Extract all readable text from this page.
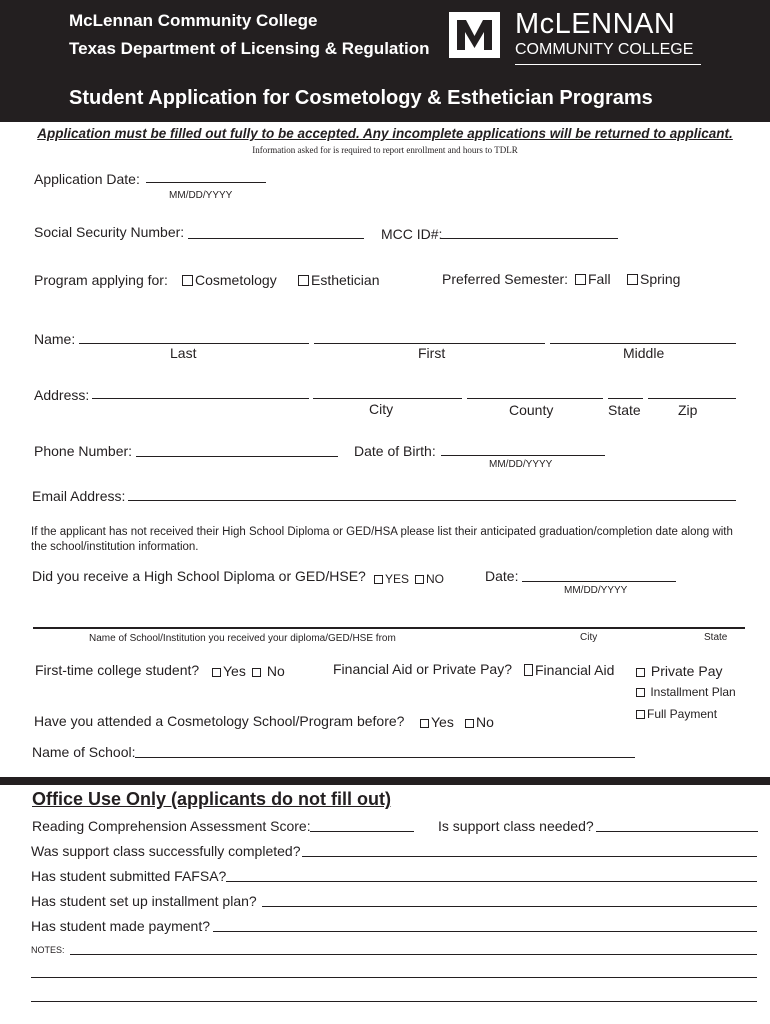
McLennan Community College
Texas Department of Licensing & Regulation
McLENNAN
COMMUNITY COLLEGE
Student Application for Cosmetology & Esthetician Programs
Application must be filled out fully to be accepted. Any incomplete applications will be returned to applicant.
Information asked for is required to report enrollment and hours to TDLR
Application Date:
MM/DD/YYYY
Social Security Number:	MCC ID#:
Program applying for:	Cosmetology	Esthetician	Preferred Semester:	Fall	Spring
Name:
Last	First	Middle
Address:
City	County	State	Zip
Phone Number:	Date of Birth:
MM/DD/YYYY
Email Address:
If the applicant has not received their High School Diploma or GED/HSA please list their anticipated graduation/completion date along with the school/institution information.
Did you receive a High School Diploma or GED/HSE?	YES	NO	Date:
MM/DD/YYYY
Name of School/Institution you received your diploma/GED/HSE from	City	State
First-time college student?	Yes	No	Financial Aid or Private Pay?	Financial Aid	Private Pay
Installment Plan
Full Payment
Have you attended a Cosmetology School/Program before?	Yes	No
Name of School:
Office Use Only (applicants do not fill out)
Reading Comprehension Assessment Score:	Is support class needed?
Was support class successfully completed?
Has student submitted FAFSA?
Has student set up installment plan?
Has student made payment?
NOTES:
